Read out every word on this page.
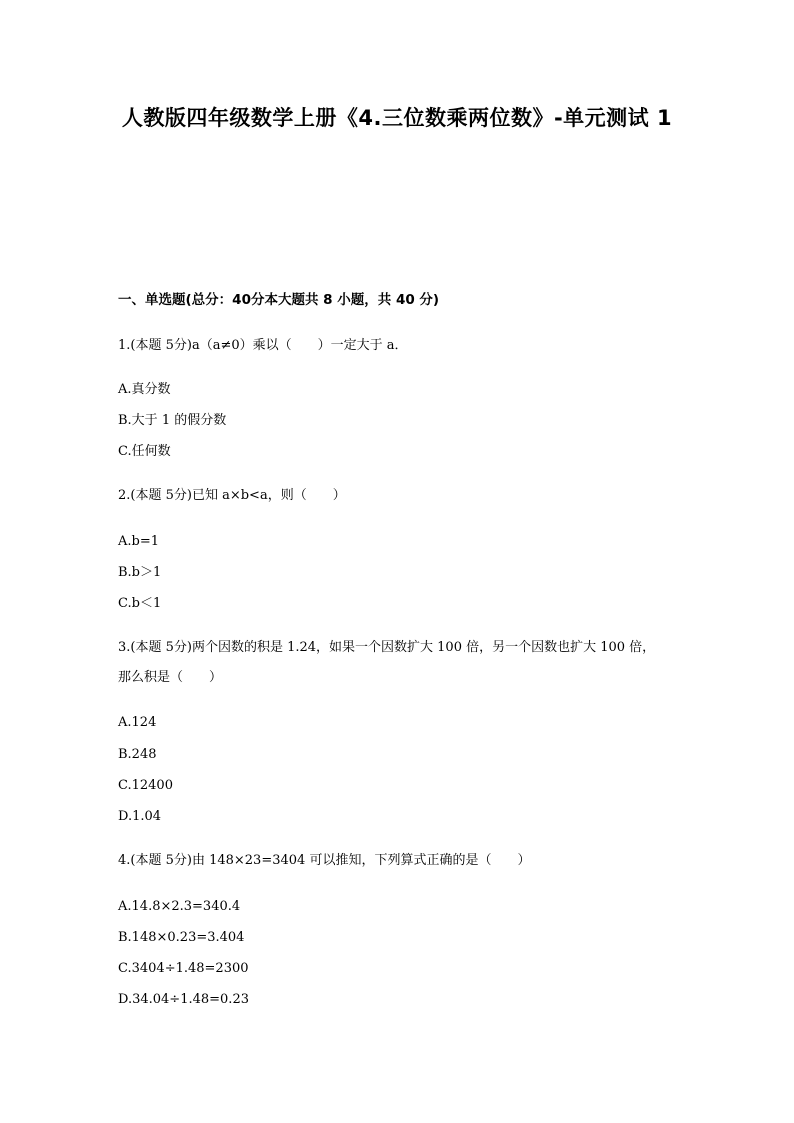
人教版四年级数学上册《4.三位数乘两位数》-单元测试 1
一、单选题(总分：40分本大题共 8 小题，共 40 分)
1.(本题 5分)a（a≠0）乘以（　　）一定大于 a．
A.真分数
B.大于 1 的假分数
C.任何数
2.(本题 5分)已知 a×b<a，则（　　）
A.b=1
B.b＞1
C.b＜1
3.(本题 5分)两个因数的积是 1.24，如果一个因数扩大 100 倍，另一个因数也扩大 100 倍，
那么积是（　　）
A.124
B.248
C.12400
D.1.04
4.(本题 5分)由 148×23=3404 可以推知，下列算式正确的是（　　）
A.14.8×2.3=340.4
B.148×0.23=3.404
C.3404÷1.48=2300
D.34.04÷1.48=0.23
